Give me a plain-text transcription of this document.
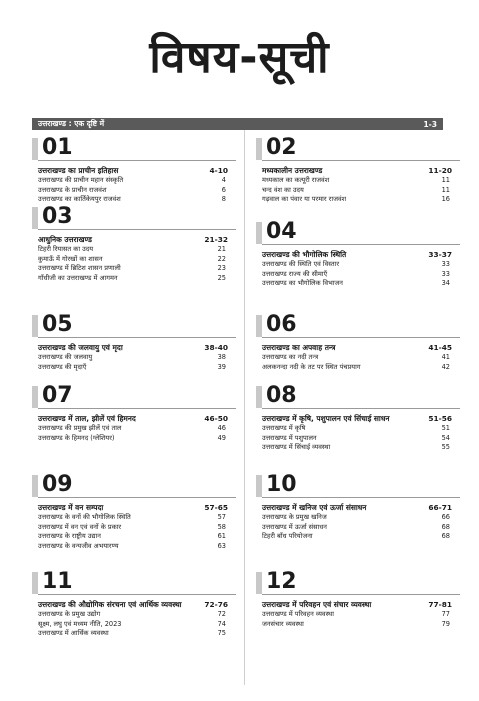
विषय-सूची
उत्तराखण्ड : एक दृष्टि में	1-3
01
उत्तराखण्ड का प्राचीन इतिहास	4-10
उत्तराखण्ड की प्राचीन महान संस्कृति	4
उत्तराखण्ड के प्राचीन राजवंश	6
उत्तराखण्ड का कार्तिकेयपुर राजवंश	8
02
मध्यकालीन उत्तराखण्ड	11-20
मध्यकाल का कत्यूरी राजवंश	11
चन्द वंश का उदय	11
गढ़वाल का पंवार या परमार राजवंश	16
03
आधुनिक उत्तराखण्ड	21-32
टिहरी रियासत का उदय	21
कुमाऊँ में गोरखों का शासन	22
उत्तराखण्ड में ब्रिटिश शासन प्रणाली	23
गाँधीजी का उत्तराखण्ड में आगमन	25
04
उत्तराखण्ड की भौगोलिक स्थिति	33-37
उत्तराखण्ड की स्थिति एवं विस्तार	33
उत्तराखण्ड राज्य की सीमाएँ	33
उत्तराखण्ड का भौगोलिक विभाजन	34
05
उत्तराखण्ड की जलवायु एवं मृदा	38-40
उत्तराखण्ड की जलवायु	38
उत्तराखण्ड की मृदाएँ	39
06
उत्तराखण्ड का अपवाह तन्त्र	41-45
उत्तराखण्ड का नदी तन्त्र	41
अलकनन्दा नदी के तट पर स्थित पंचप्रयाग	42
07
उत्तराखण्ड में ताल, झीलें एवं हिमनद	46-50
उत्तराखण्ड की प्रमुख झीलें एवं ताल	46
उत्तराखण्ड के हिमनद (ग्लेशियर)	49
08
उत्तराखण्ड में कृषि, पशुपालन एवं सिंचाई साधन	51-56
उत्तराखण्ड में कृषि	51
उत्तराखण्ड में पशुपालन	54
उत्तराखण्ड में सिंचाई व्यवस्था	55
09
उत्तराखण्ड में वन सम्पदा	57-65
उत्तराखण्ड के वनों की भौगोलिक स्थिति	57
उत्तराखण्ड में वन एवं वनों के प्रकार	58
उत्तराखण्ड के राष्ट्रीय उद्यान	61
उत्तराखण्ड के वन्यजीव अभयारण्य	63
10
उत्तराखण्ड में खनिज एवं ऊर्जा संसाधन	66-71
उत्तराखण्ड के प्रमुख खनिज	66
उत्तराखण्ड में ऊर्जा संसाधन	68
टिहरी बाँध परियोजना	68
11
उत्तराखण्ड की औद्योगिक संरचना एवं आर्थिक व्यवस्था	72-76
उत्तराखण्ड के प्रमुख उद्योग	72
सूक्ष्म, लघु एवं मध्यम नीति, 2023	74
उत्तराखण्ड में आर्थिक व्यवस्था	75
12
उत्तराखण्ड में परिवहन एवं संचार व्यवस्था	77-81
उत्तराखण्ड में परिवहन व्यवस्था	77
जनसंचार व्यवस्था	79
